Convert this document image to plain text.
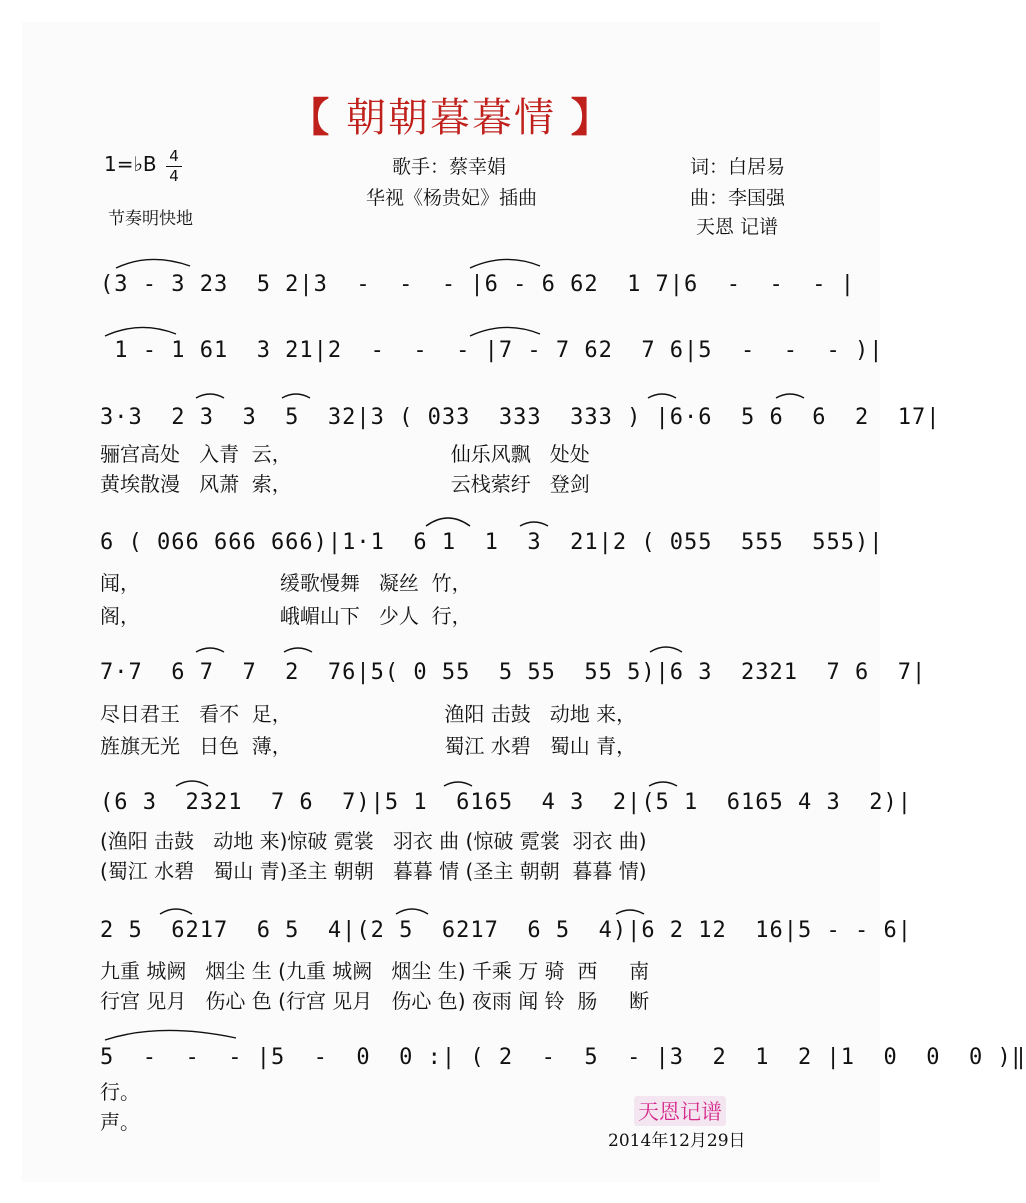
【 朝朝暮暮情 】
1=♭B 4
4
节奏明快地
歌手：蔡幸娟
华视《杨贵妃》插曲
词：白居易
曲：李国强
天恩 记谱
(3 - 3 23  5 2|3  -  -  - |6 - 6 62  1 7|6  -  -  - |
1 - 1 61  3 21|2  -  -  - |7 - 7 62  7 6|5  -  -  - )|
3·3  2 3  3  5  32|3 ( 033  333  333 ) |6·6  5 6  6  2  17|
骊宫高处   入青  云，                         仙乐风飘   处处
黄埃散漫   风萧  索，                         云栈萦纡   登剑
6 ( 066 666 666)|1·1  6 1  1  3  21|2 ( 055  555  555)|
闻，                      缓歌慢舞   凝丝  竹，
阁，                      峨嵋山下   少人  行，
7·7  6 7  7  2  76|5( 0 55  5 55  55 5)|6 3  2321  7 6  7|
尽日君王   看不  足，                        渔阳 击鼓   动地 来，
旌旗无光   日色  薄，                        蜀江 水碧   蜀山 青，
(6 3  2321  7 6  7)|5 1  6165  4 3  2|(5 1  6165 4 3  2)|
(渔阳 击鼓   动地 来)惊破 霓裳   羽衣 曲 (惊破 霓裳  羽衣 曲)
(蜀江 水碧   蜀山 青)圣主 朝朝   暮暮 情 (圣主 朝朝  暮暮 情)
2 5  6217  6 5  4|(2 5  6217  6 5  4)|6 2 12  16|5 - - 6|
九重 城阙   烟尘 生 (九重 城阙   烟尘 生) 千乘 万 骑  西     南
行宫 见月   伤心 色 (行宫 见月   伤心 色) 夜雨 闻 铃  肠     断
5  -  -  - |5  -  0  0 :| ( 2  -  5  - |3  2  1  2 |1  0  0  0 )‖
行。
声。	天恩记谱
2014年12月29日
